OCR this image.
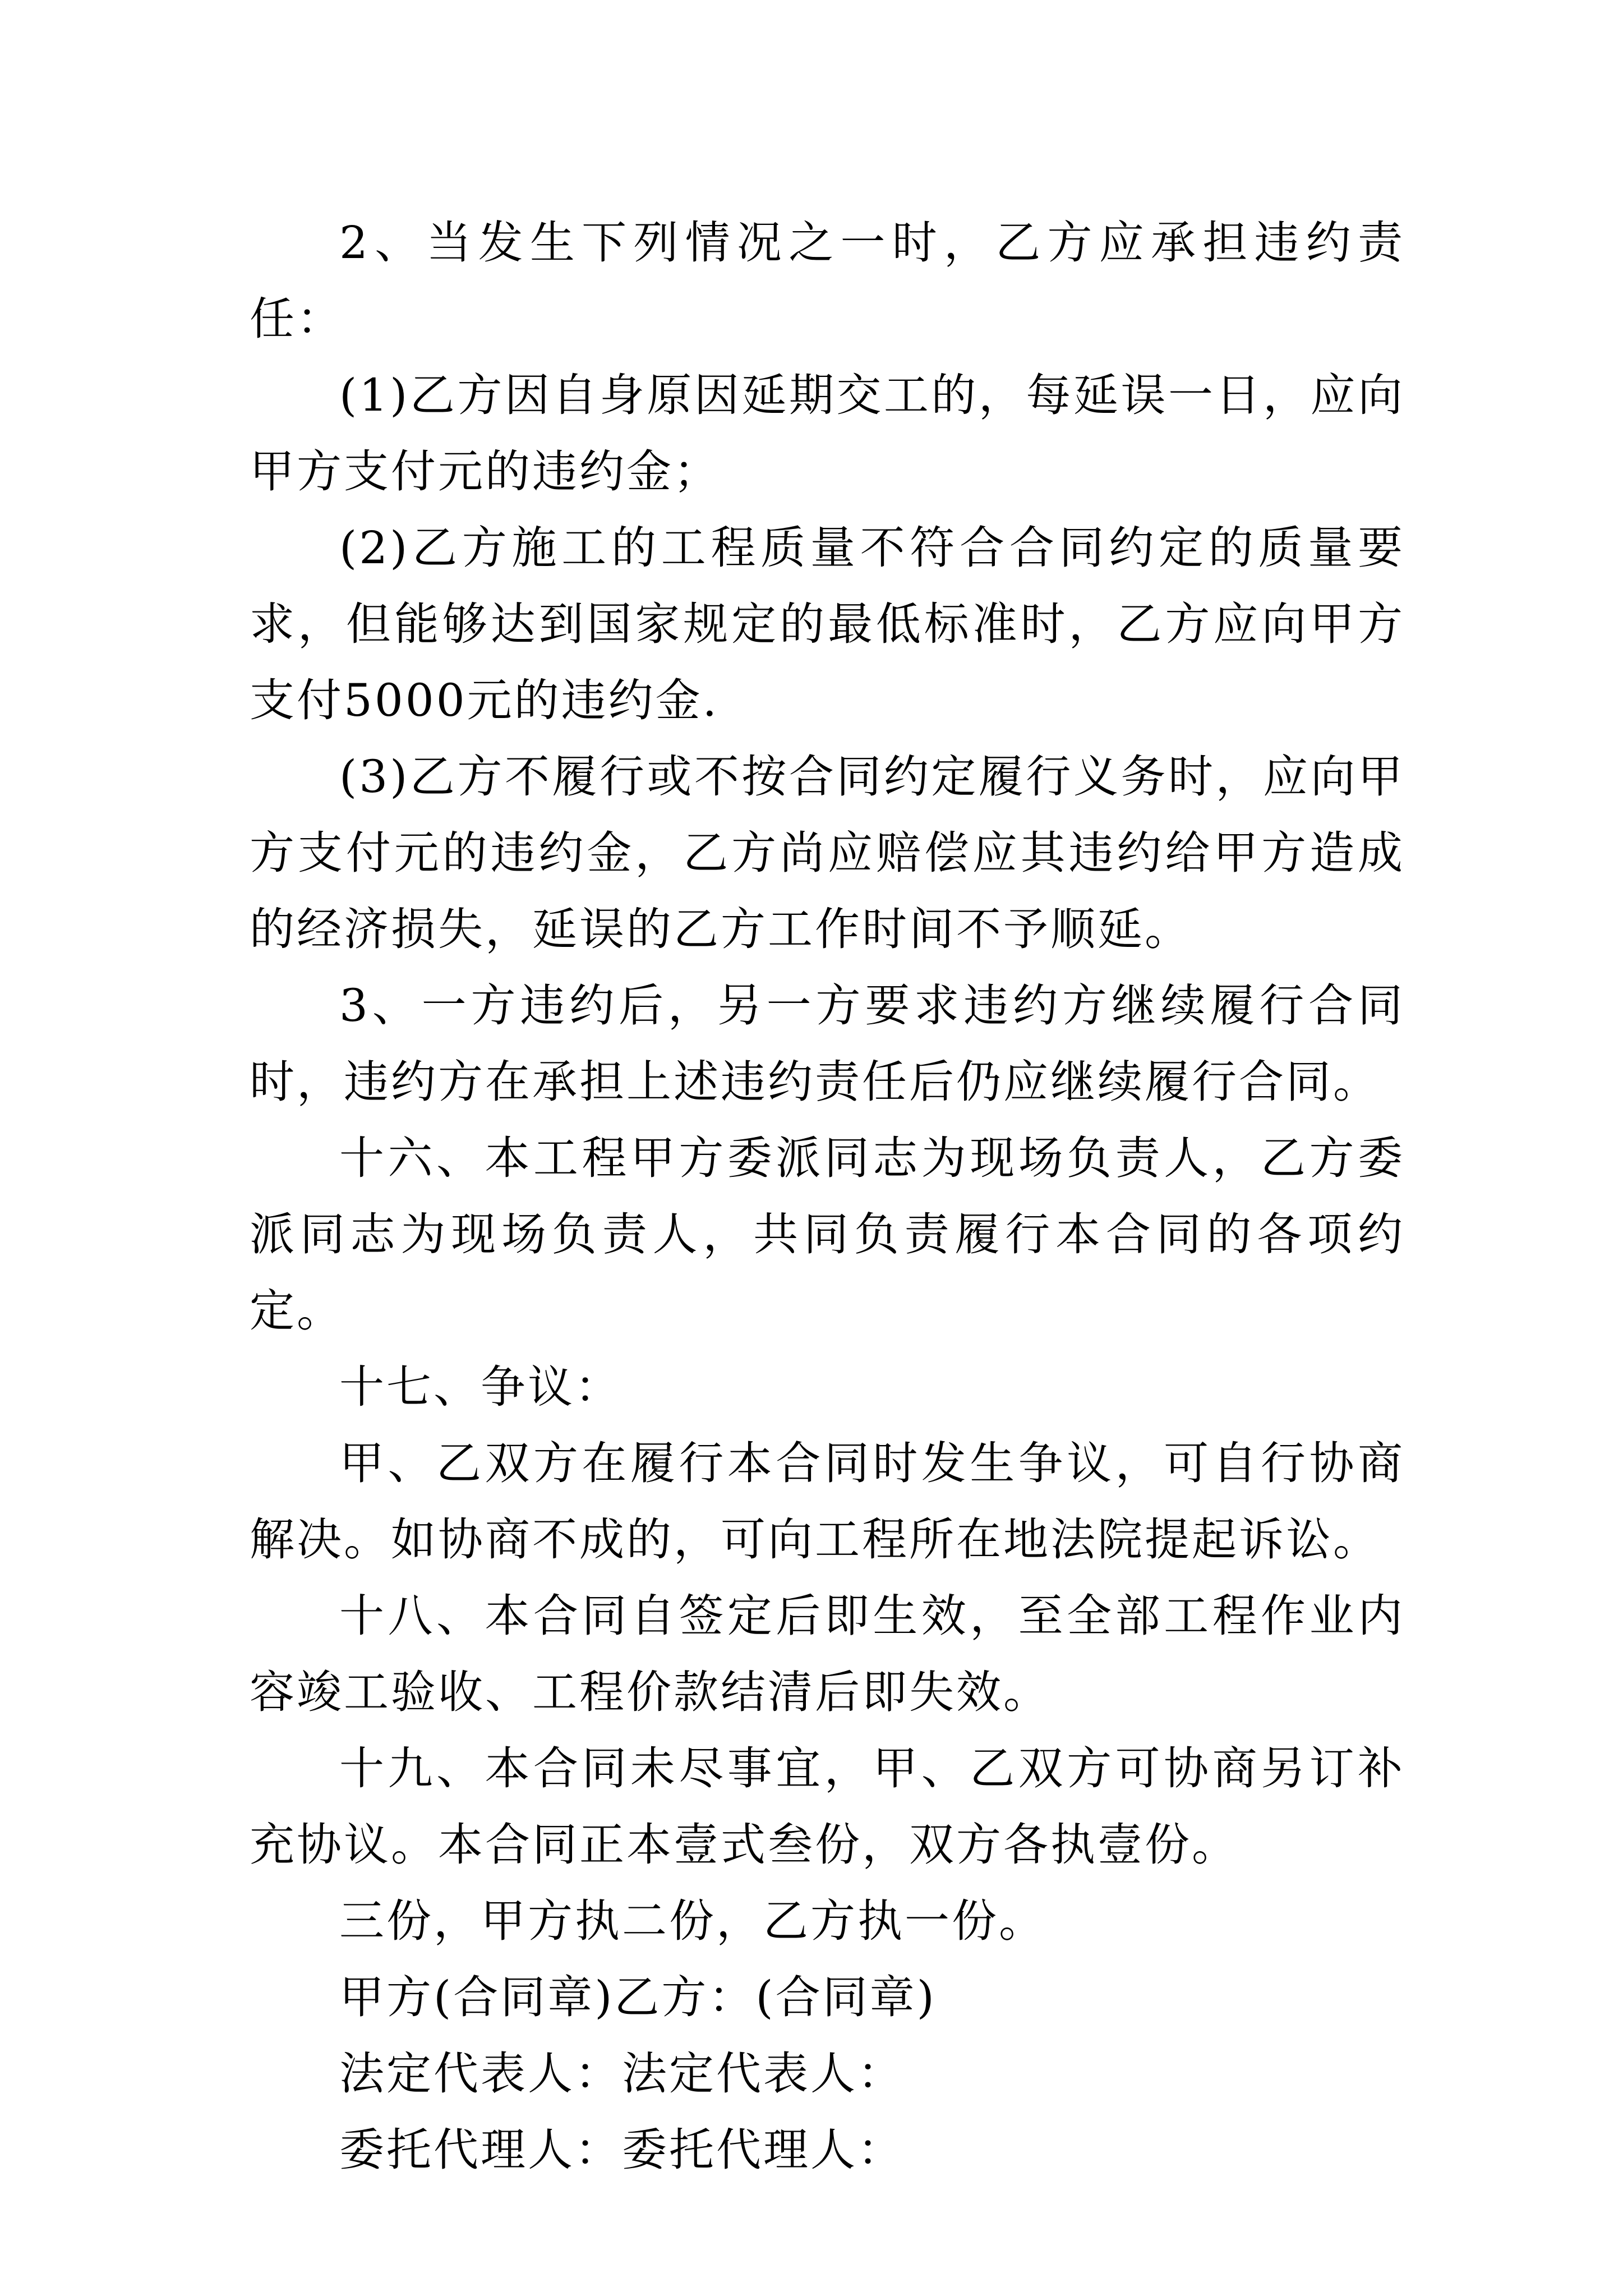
2、当发生下列情况之一时，乙方应承担违约责任：

(1)乙方因自身原因延期交工的，每延误一日，应向甲方支付元的违约金；

(2)乙方施工的工程质量不符合合同约定的质量要求，但能够达到国家规定的最低标准时，乙方应向甲方支付5000元的违约金.

(3)乙方不履行或不按合同约定履行义务时，应向甲方支付元的违约金，乙方尚应赔偿应其违约给甲方造成的经济损失，延误的乙方工作时间不予顺延。

3、一方违约后，另一方要求违约方继续履行合同时，违约方在承担上述违约责任后仍应继续履行合同。

十六、本工程甲方委派同志为现场负责人，乙方委派同志为现场负责人，共同负责履行本合同的各项约定。

十七、争议：

甲、乙双方在履行本合同时发生争议，可自行协商解决。如协商不成的，可向工程所在地法院提起诉讼。

十八、本合同自签定后即生效，至全部工程作业内容竣工验收、工程价款结清后即失效。

十九、本合同未尽事宜，甲、乙双方可协商另订补充协议。本合同正本壹式叁份，双方各执壹份。

三份，甲方执二份，乙方执一份。

甲方(合同章)乙方：(合同章)

法定代表人：法定代表人：

委托代理人：委托代理人：
